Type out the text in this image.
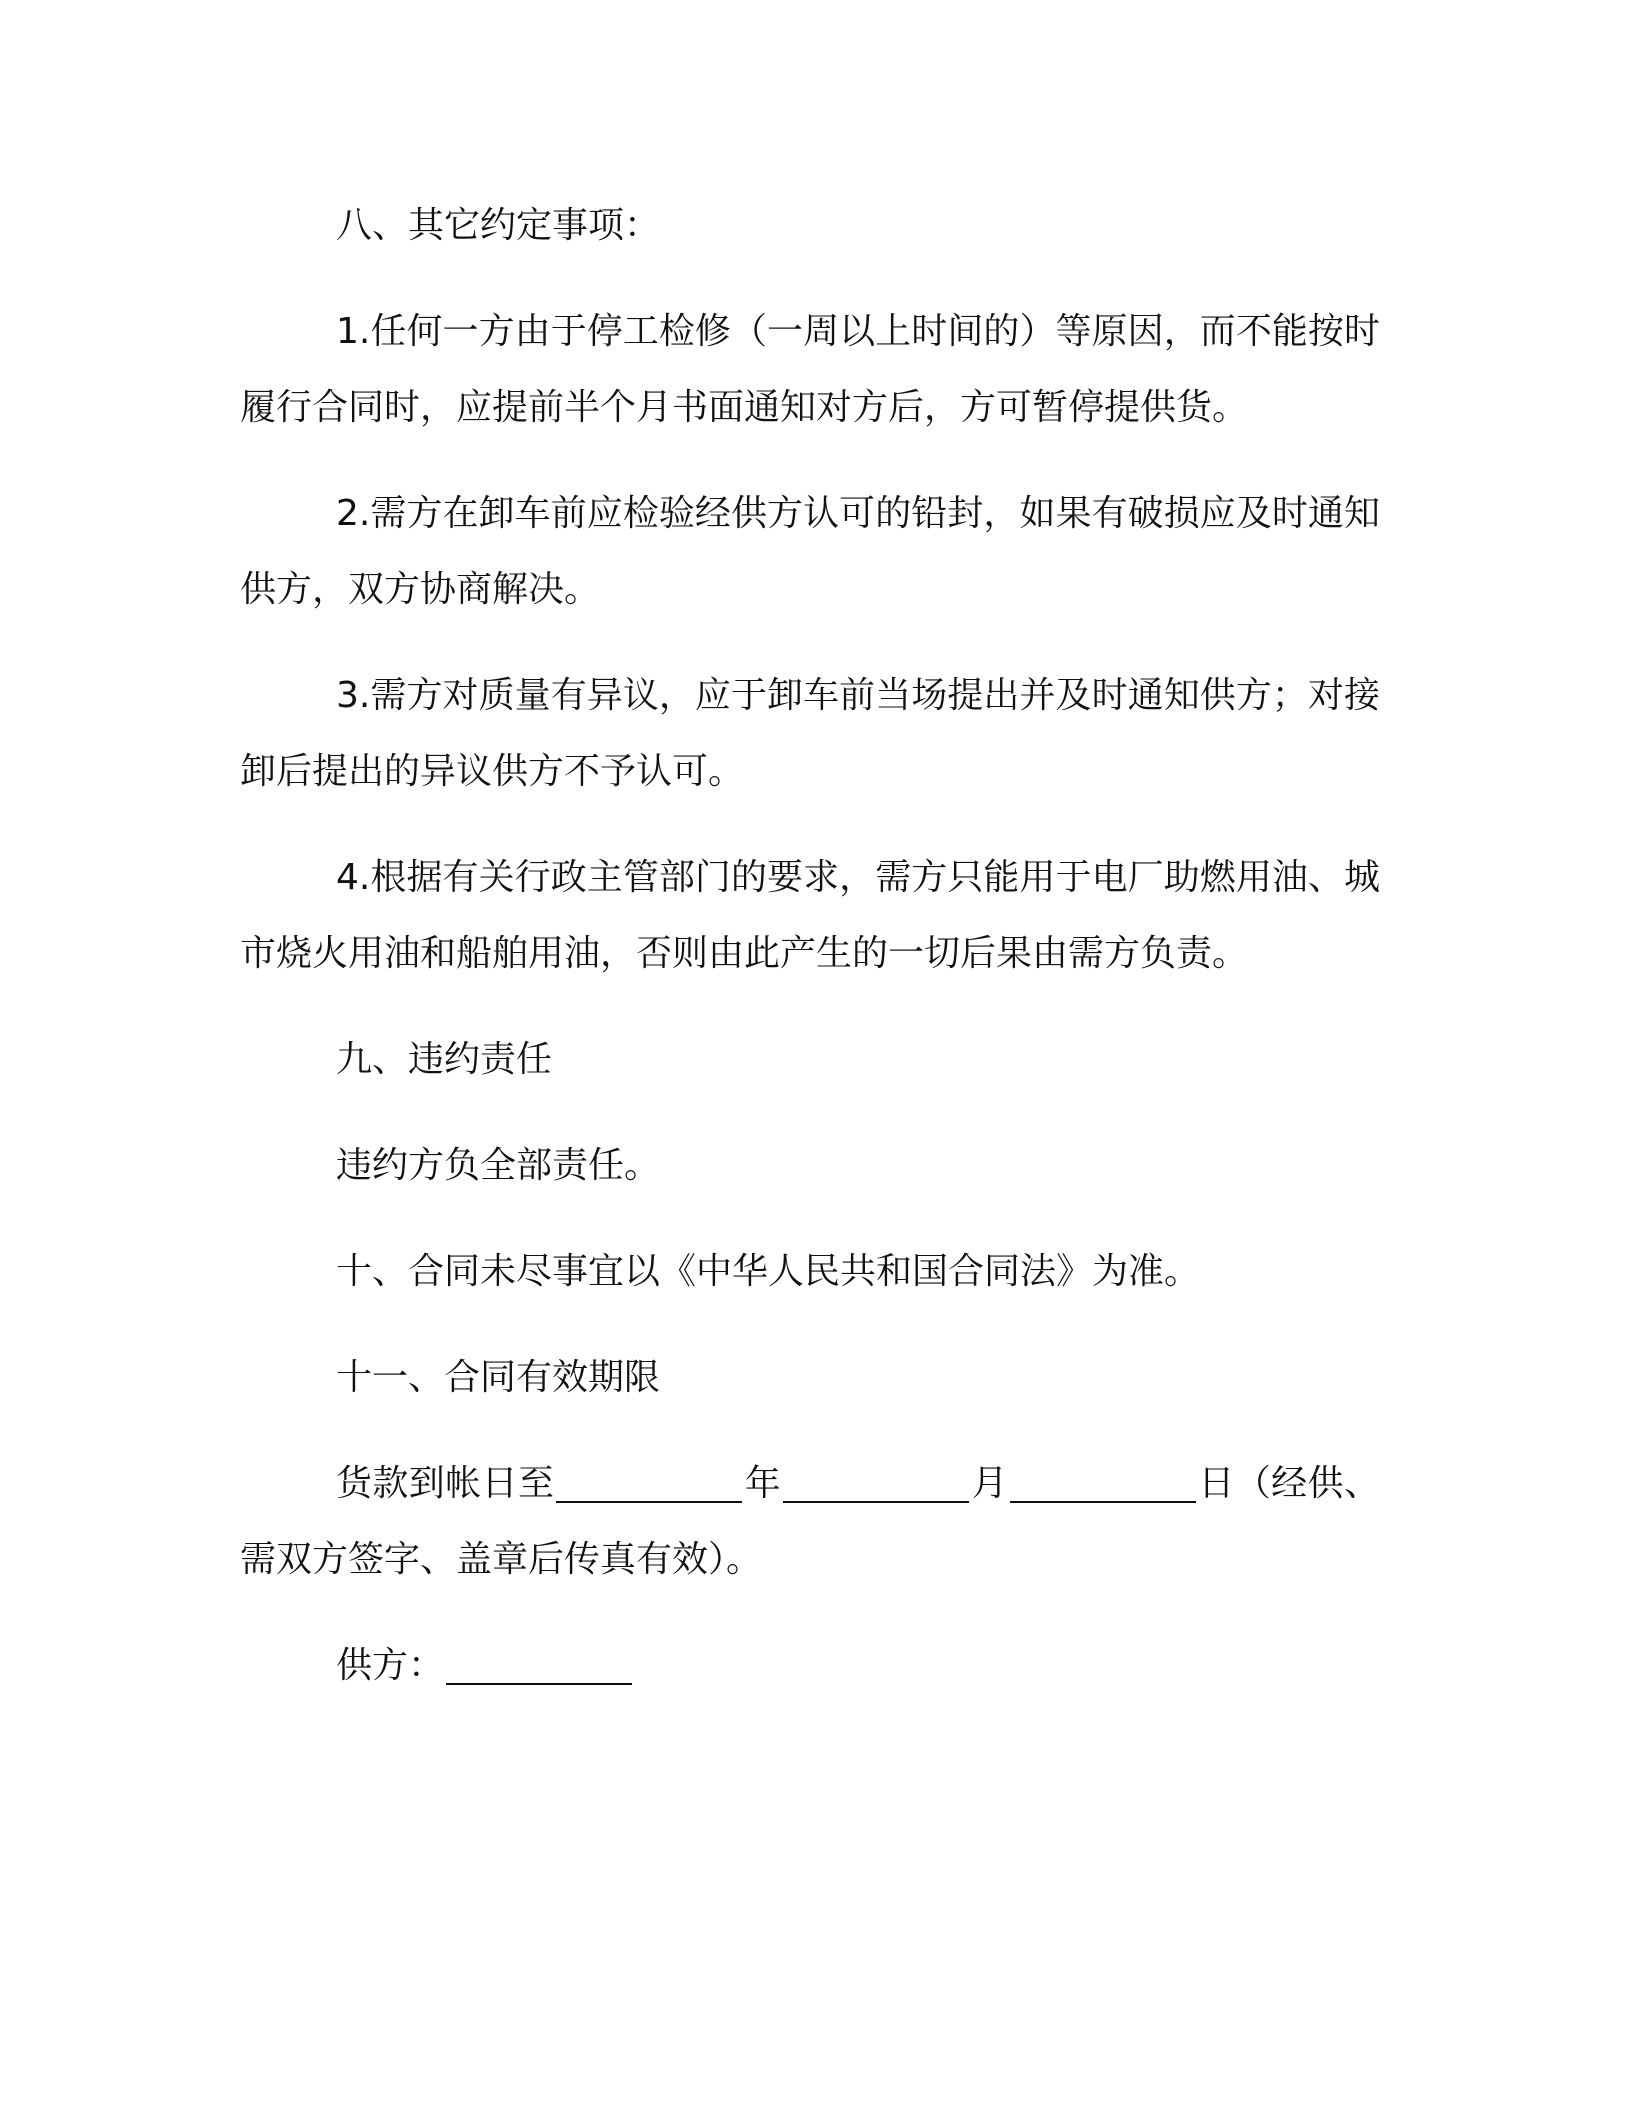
八、其它约定事项：

1.任何一方由于停工检修（一周以上时间的）等原因，而不能按时履行合同时，应提前半个月书面通知对方后，方可暂停提供货。

2.需方在卸车前应检验经供方认可的铅封，如果有破损应及时通知供方，双方协商解决。

3.需方对质量有异议，应于卸车前当场提出并及时通知供方；对接卸后提出的异议供方不予认可。

4.根据有关行政主管部门的要求，需方只能用于电厂助燃用油、城市烧火用油和船舶用油，否则由此产生的一切后果由需方负责。

九、违约责任

违约方负全部责任。

十、合同未尽事宜以《中华人民共和国合同法》为准。

十一、合同有效期限

货款到帐日至	年	月	日（经供、需双方签字、盖章后传真有效）。

供方：
